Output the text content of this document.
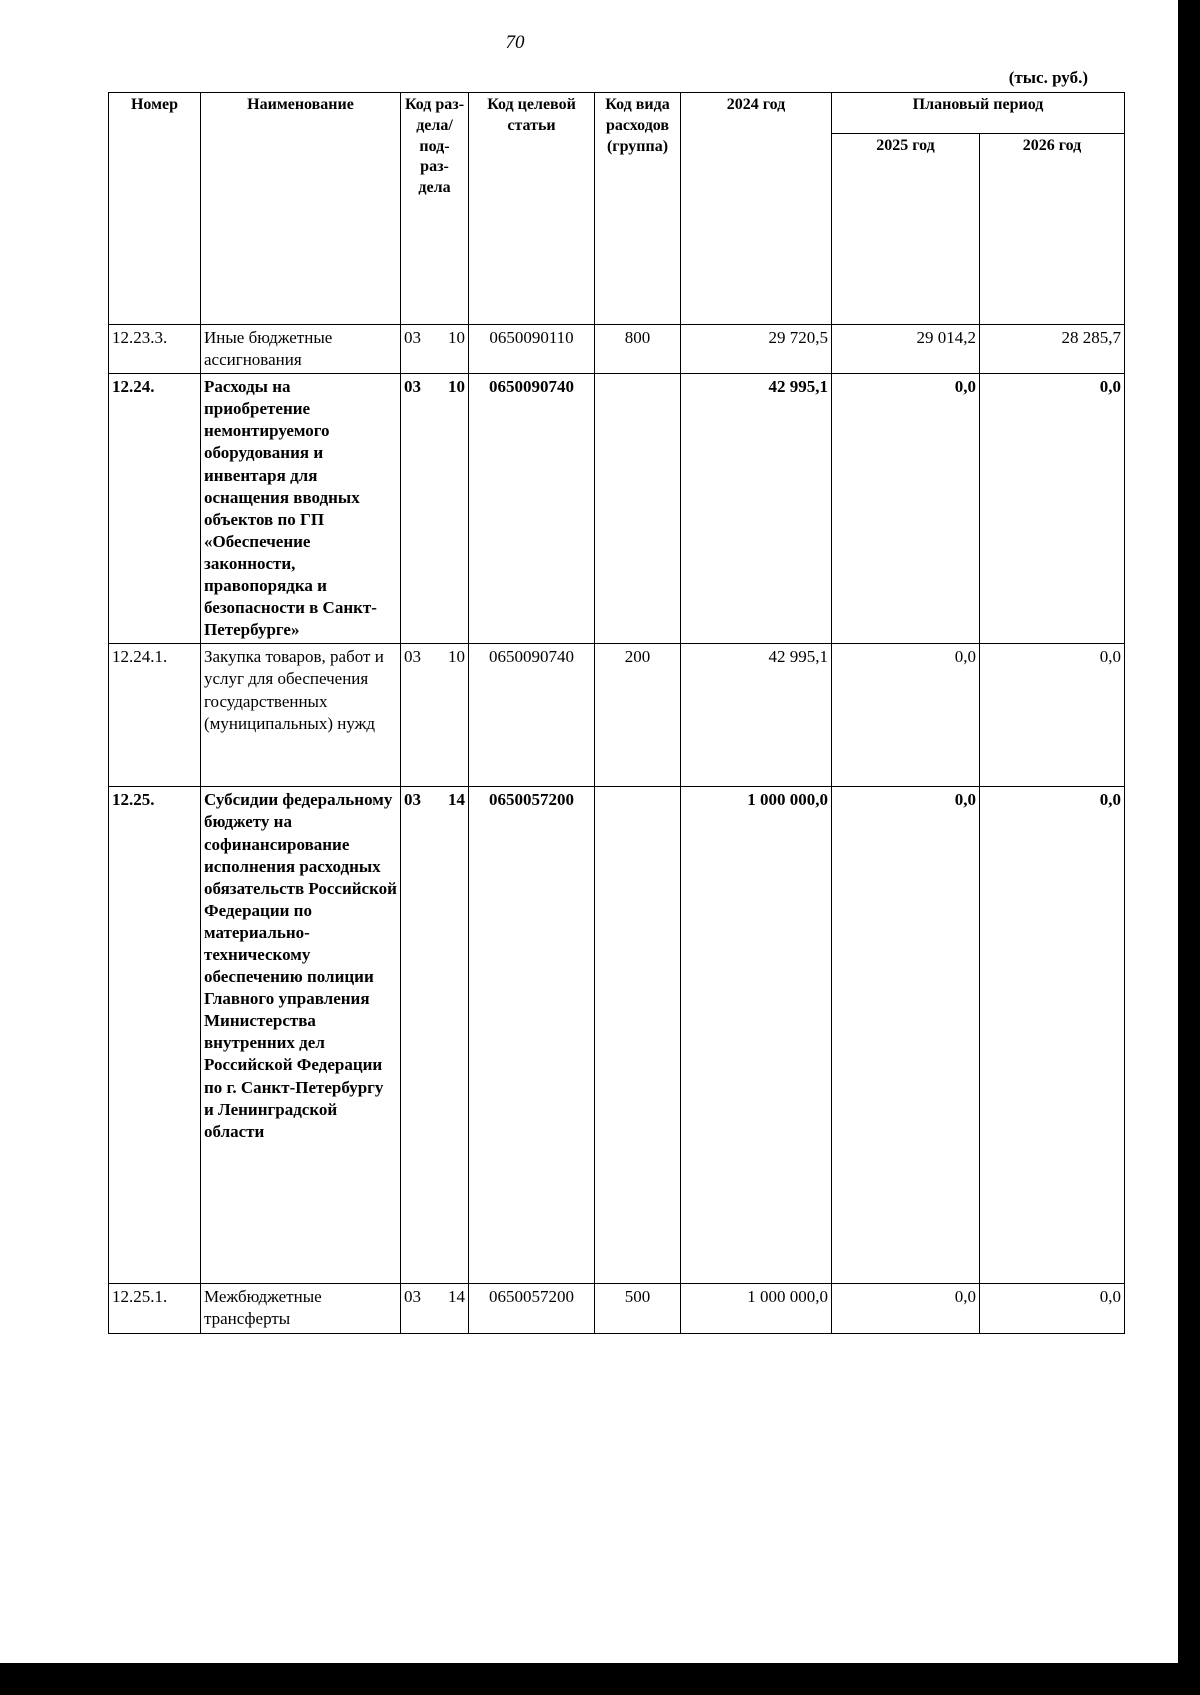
70
(тыс. руб.)
Номер	Наименование	Код раз- дела/ под- раз- дела	Код целевой статьи	Код вида расходов (группа)	2024 год	Плановый период	
						2025 год	2026 год
12.23.3.	Иные бюджетные ассигнования	03 10	0650090110	800	29 720,5	29 014,2	28 285,7
12.24.	Расходы на приобретение немонтируемого оборудования и инвентаря для оснащения вводных объектов по ГП «Обеспечение законности, правопорядка и безопасности в Санкт-Петербурге»	03 10	0650090740		42 995,1	0,0	0,0
12.24.1.	Закупка товаров, работ и услуг для обеспечения государственных (муниципальных) нужд	03 10	0650090740	200	42 995,1	0,0	0,0
12.25.	Субсидии федеральному бюджету на софинансирование исполнения расходных обязательств Российской Федерации по материально-техническому обеспечению полиции Главного управления Министерства внутренних дел Российской Федерации по г. Санкт-Петербургу и Ленинградской области	03 14	0650057200		1 000 000,0	0,0	0,0
12.25.1.	Межбюджетные трансферты	03 14	0650057200	500	1 000 000,0	0,0	0,0
